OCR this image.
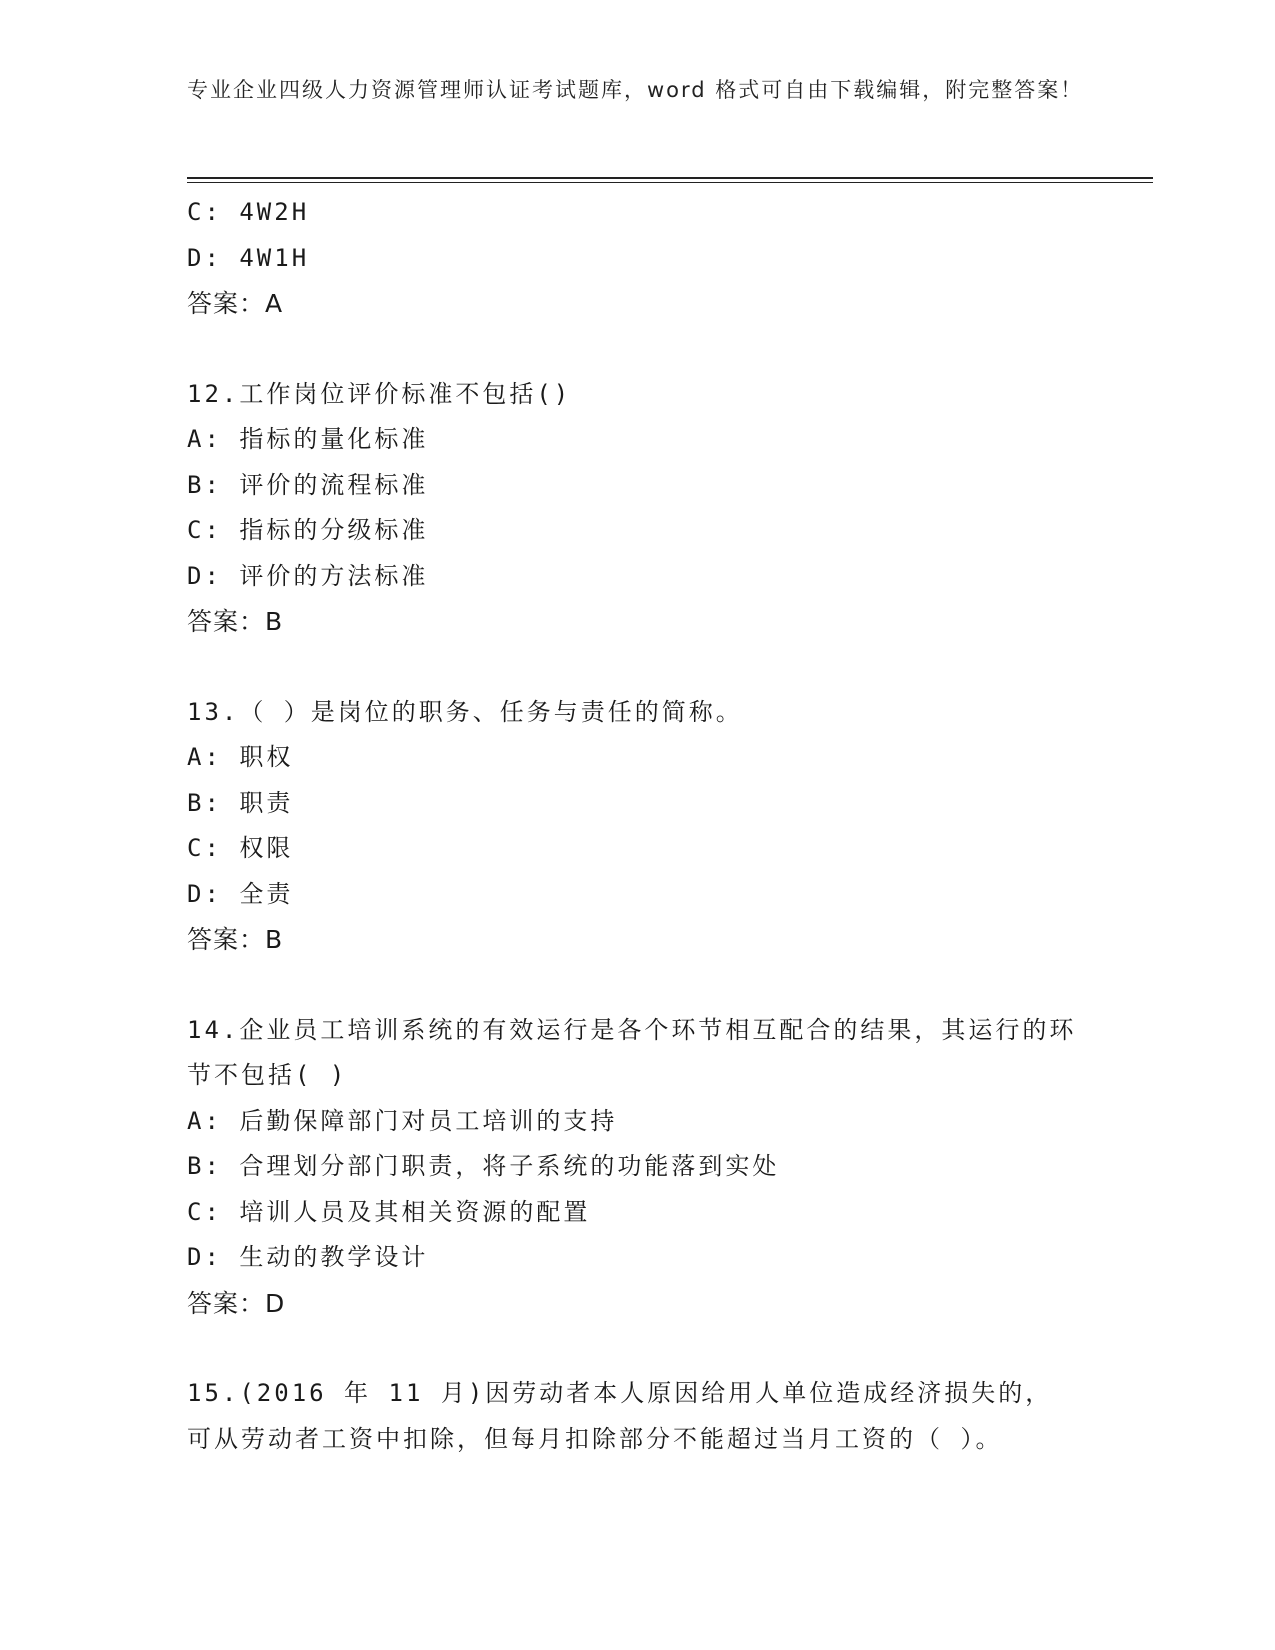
专业企业四级人力资源管理师认证考试题库，word 格式可自由下载编辑，附完整答案！
C: 4W2H
D: 4W1H
答案：A
12.工作岗位评价标准不包括()
A: 指标的量化标准
B: 评价的流程标准
C: 指标的分级标准
D: 评价的方法标准
答案：B
13.（ ）是岗位的职务、任务与责任的简称。
A: 职权
B: 职责
C: 权限
D: 全责
答案：B
14.企业员工培训系统的有效运行是各个环节相互配合的结果，其运行的环节不包括( )
A: 后勤保障部门对员工培训的支持
B: 合理划分部门职责，将子系统的功能落到实处
C: 培训人员及其相关资源的配置
D: 生动的教学设计
答案：D
15.(2016 年 11 月)因劳动者本人原因给用人单位造成经济损失的，可从劳动者工资中扣除，但每月扣除部分不能超过当月工资的（ ）。
